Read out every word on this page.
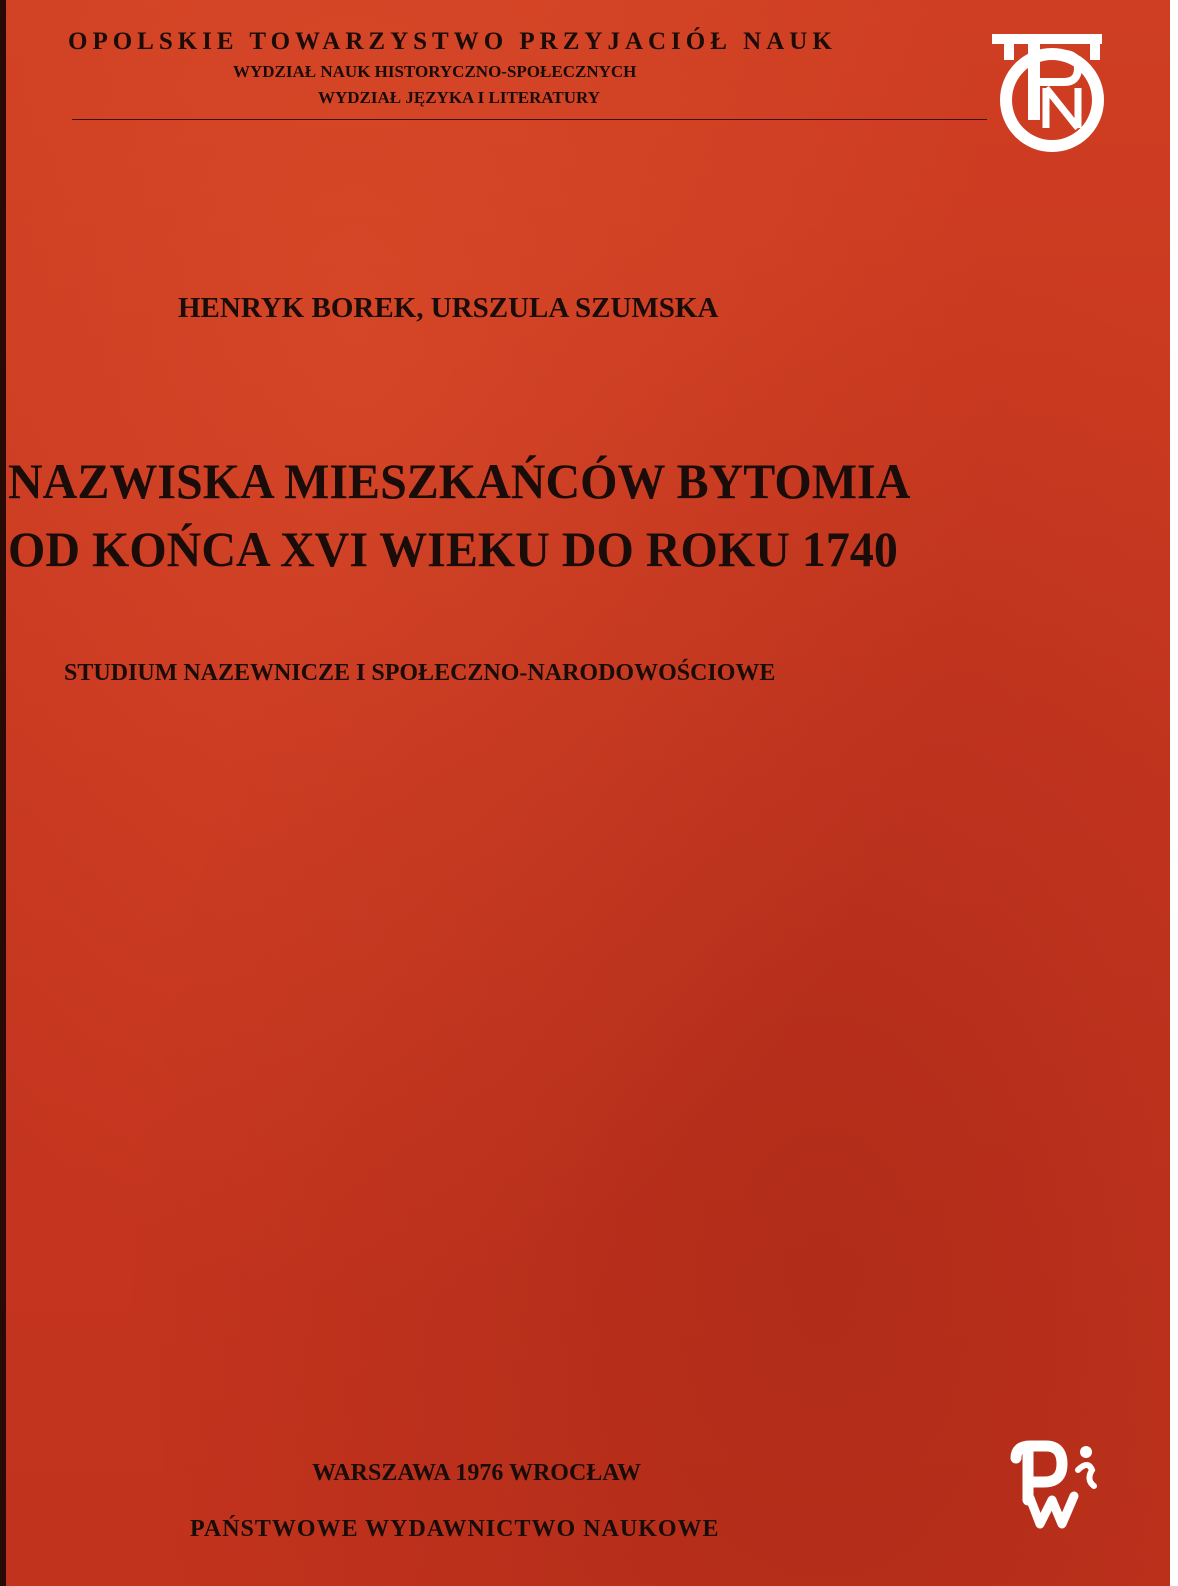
OPOLSKIE TOWARZYSTWO PRZYJACIÓŁ NAUK
WYDZIAŁ NAUK HISTORYCZNO-SPOŁECZNYCH
WYDZIAŁ JĘZYKA I LITERATURY
HENRYK BOREK, URSZULA SZUMSKA
NAZWISKA MIESZKAŃCÓW BYTOMIA
OD KOŃCA XVI WIEKU DO ROKU 1740
STUDIUM NAZEWNICZE I SPOŁECZNO-NARODOWOŚCIOWE
WARSZAWA 1976 WROCŁAW
PAŃSTWOWE WYDAWNICTWO NAUKOWE
